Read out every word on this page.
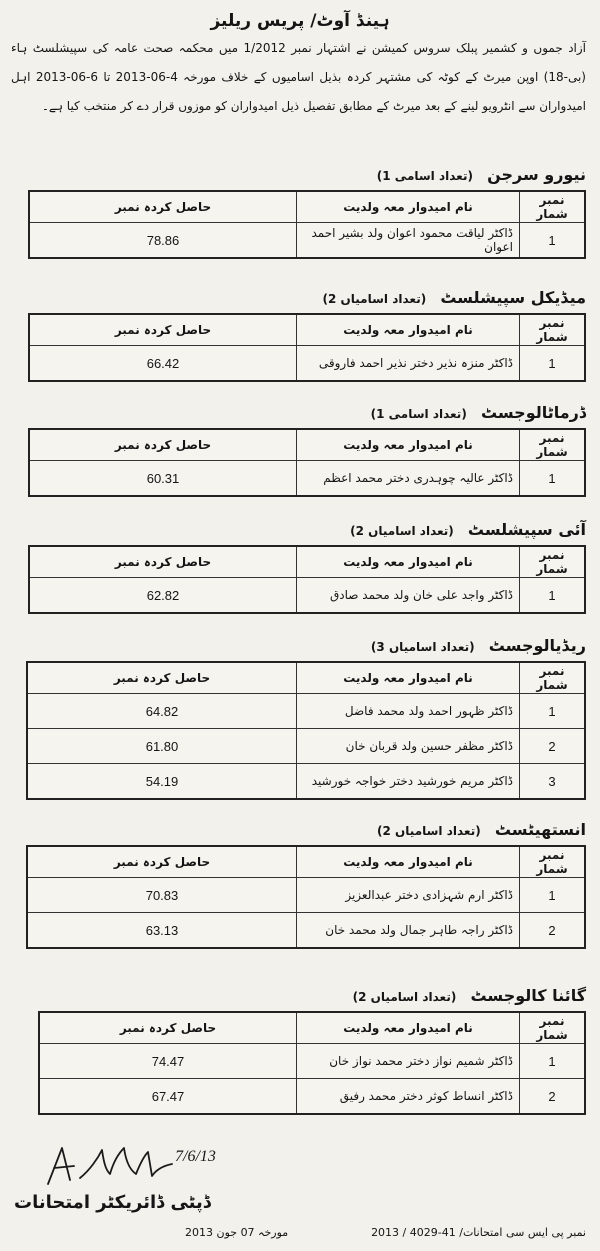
ہینڈ آوٹ/ پریس ریلیز
آزاد جموں و کشمیر پبلک سروس کمیشن نے اشتہار نمبر 1/2012 میں محکمہ صحت عامہ کی سپیشلسٹ ہاء (بی-18) اوپن میرٹ کے کوٹہ کی مشتہر کردہ بذیل اسامیوں کے خلاف مورخہ 4-06-2013 تا 6-06-2013 اہل امیدواران سے انٹرویو لینے کے بعد میرٹ کے مطابق تفصیل ذیل امیدواران کو موزوں قرار دے کر منتخب کیا ہے۔
نیورو سرجن (تعداد اسامی 1)
نمبر شمار	نام امیدوار معہ ولدیت	حاصل کردہ نمبر
1	ڈاکٹر لیاقت محمود اعوان ولد بشیر احمد اعوان	78.86
میڈیکل سپیشلسٹ (تعداد اسامیاں 2)
نمبر شمار	نام امیدوار معہ ولدیت	حاصل کردہ نمبر
1	ڈاکٹر منزہ نذیر دختر نذیر احمد فاروقی	66.42
ڈرماٹالوجسٹ (تعداد اسامی 1)
نمبر شمار	نام امیدوار معہ ولدیت	حاصل کردہ نمبر
1	ڈاکٹر عالیہ چوہدری دختر محمد اعظم	60.31
آئی سپیشلسٹ (تعداد اسامیاں 2)
نمبر شمار	نام امیدوار معہ ولدیت	حاصل کردہ نمبر
1	ڈاکٹر واجد علی خان ولد محمد صادق	62.82
ریڈیالوجسٹ (تعداد اسامیاں 3)
نمبر شمار	نام امیدوار معہ ولدیت	حاصل کردہ نمبر
1	ڈاکٹر ظہور احمد ولد محمد فاضل	64.82
2	ڈاکٹر مظفر حسین ولد قربان خان	61.80
3	ڈاکٹر مریم خورشید دختر خواجہ خورشید	54.19
انستھیٹسٹ (تعداد اسامیاں 2)
نمبر شمار	نام امیدوار معہ ولدیت	حاصل کردہ نمبر
1	ڈاکٹر ارم شہزادی دختر عبدالعزیز	70.83
2	ڈاکٹر راجہ طاہر جمال ولد محمد خان	63.13
گائنا کالوجسٹ (تعداد اسامیاں 2)
نمبر شمار	نام امیدوار معہ ولدیت	حاصل کردہ نمبر
1	ڈاکٹر شمیم نواز دختر محمد نواز خان	74.47
2	ڈاکٹر انساط کوثر دختر محمد رفیق	67.47
7/6/13
ڈپٹی ڈائریکٹر امتحانات
نمبر پی ایس سی امتحانات/ 41-4029 / 2013
مورخہ 07 جون 2013
